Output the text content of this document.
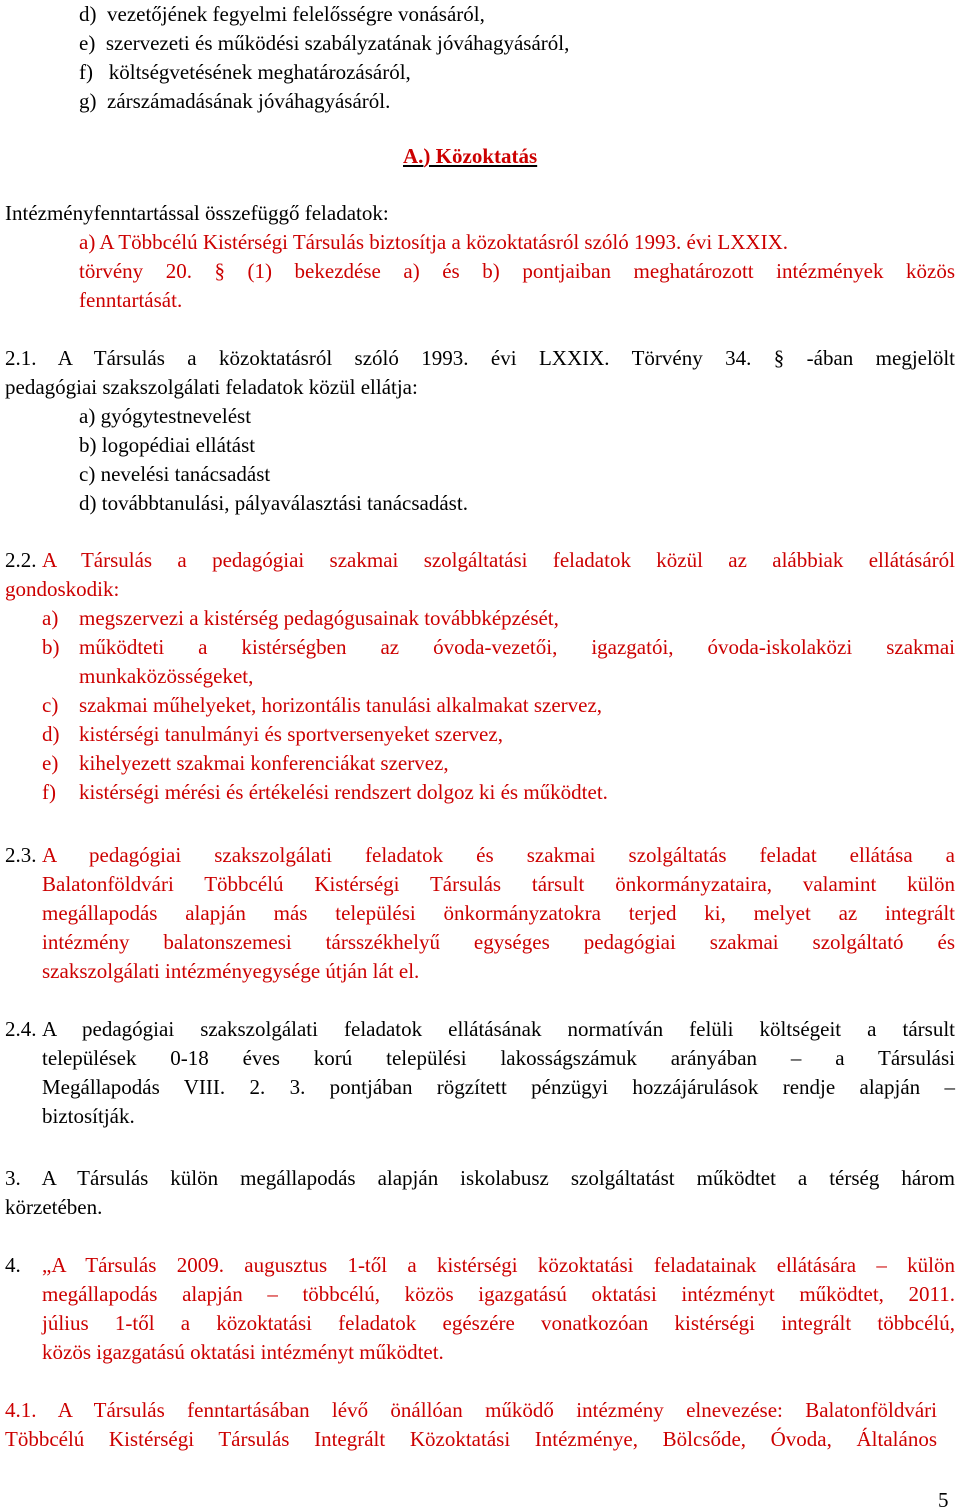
d) vezetőjének fegyelmi felelősségre vonásáról,
e) szervezeti és működési szabályzatának jóváhagyásáról,
f) költségvetésének meghatározásáról,
g) zárszámadásának jóváhagyásáról.
A.) Közoktatás
Intézményfenntartással összefüggő feladatok:
a) A Többcélú Kistérségi Társulás biztosítja a közoktatásról szóló 1993. évi LXXIX.
törvény 20. § (1) bekezdése a) és b) pontjaiban meghatározott intézmények közös
fenntartását.
2.1. A Társulás a közoktatásról szóló 1993. évi LXXIX. Törvény 34. § -ában megjelölt
pedagógiai szakszolgálati feladatok közül ellátja:
a) gyógytestnevelést
b) logopédiai ellátást
c) nevelési tanácsadást
d) továbbtanulási, pályaválasztási tanácsadást.
2.2. A Társulás a pedagógiai szakmai szolgáltatási feladatok közül az alábbiak ellátásáról
gondoskodik:
a) megszervezi a kistérség pedagógusainak továbbképzését,
b) működteti a kistérségben az óvoda-vezetői, igazgatói, óvoda-iskolaközi szakmai
munkaközösségeket,
c) szakmai műhelyeket, horizontális tanulási alkalmakat szervez,
d) kistérségi tanulmányi és sportversenyeket szervez,
e) kihelyezett szakmai konferenciákat szervez,
f) kistérségi mérési és értékelési rendszert dolgoz ki és működtet.
2.3. A pedagógiai szakszolgálati feladatok és szakmai szolgáltatás feladat ellátása a
Balatonföldvári Többcélú Kistérségi Társulás társult önkormányzataira, valamint külön
megállapodás alapján más települési önkormányzatokra terjed ki, melyet az integrált
intézmény balatonszemesi társszékhelyű egységes pedagógiai szakmai szolgáltató és
szakszolgálati intézményegysége útján lát el.
2.4. A pedagógiai szakszolgálati feladatok ellátásának normatíván felüli költségeit a társult
települések 0-18 éves korú települési lakosságszámuk arányában – a Társulási
Megállapodás VIII. 2. 3. pontjában rögzített pénzügyi hozzájárulások rendje alapján –
biztosítják.
3. A Társulás külön megállapodás alapján iskolabusz szolgáltatást működtet a térség három
körzetében.
4. „A Társulás 2009. augusztus 1-től a kistérségi közoktatási feladatainak ellátására – külön
megállapodás alapján – többcélú, közös igazgatású oktatási intézményt működtet, 2011.
július 1-től a közoktatási feladatok egészére vonatkozóan kistérségi integrált többcélú,
közös igazgatású oktatási intézményt működtet.
4.1. A Társulás fenntartásában lévő önállóan működő intézmény elnevezése: Balatonföldvári
Többcélú Kistérségi Társulás Integrált Közoktatási Intézménye, Bölcsőde, Óvoda, Általános
5
